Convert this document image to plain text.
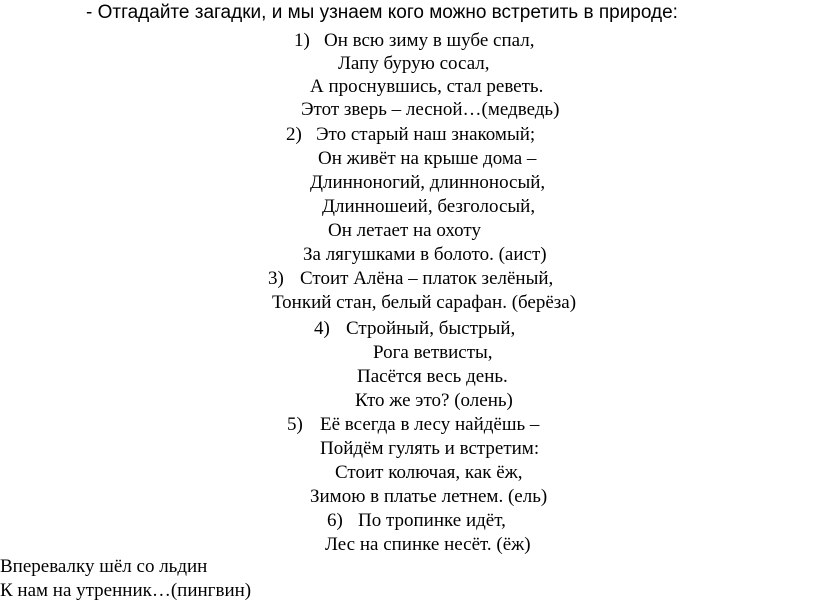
- Отгадайте загадки, и мы узнаем кого можно встретить в природе:
1) Он всю зиму в шубе спал,
Лапу бурую сосал,
А проснувшись, стал реветь.
Этот зверь – лесной…(медведь)
2) Это старый наш знакомый;
Он живёт на крыше дома –
Длинноногий, длинноносый,
Длинношеий, безголосый,
Он летает на охоту
За лягушками в болото. (аист)
3) Стоит Алёна – платок зелёный,
Тонкий стан, белый сарафан. (берёза)
4) Стройный, быстрый,
Рога ветвисты,
Пасётся весь день.
Кто же это? (олень)
5) Её всегда в лесу найдёшь –
Пойдём гулять и встретим:
Стоит колючая, как ёж,
Зимою в платье летнем. (ель)
6) По тропинке идёт,
Лес на спинке несёт. (ёж)
Вперевалку шёл со льдин
К нам на утренник…(пингвин)
